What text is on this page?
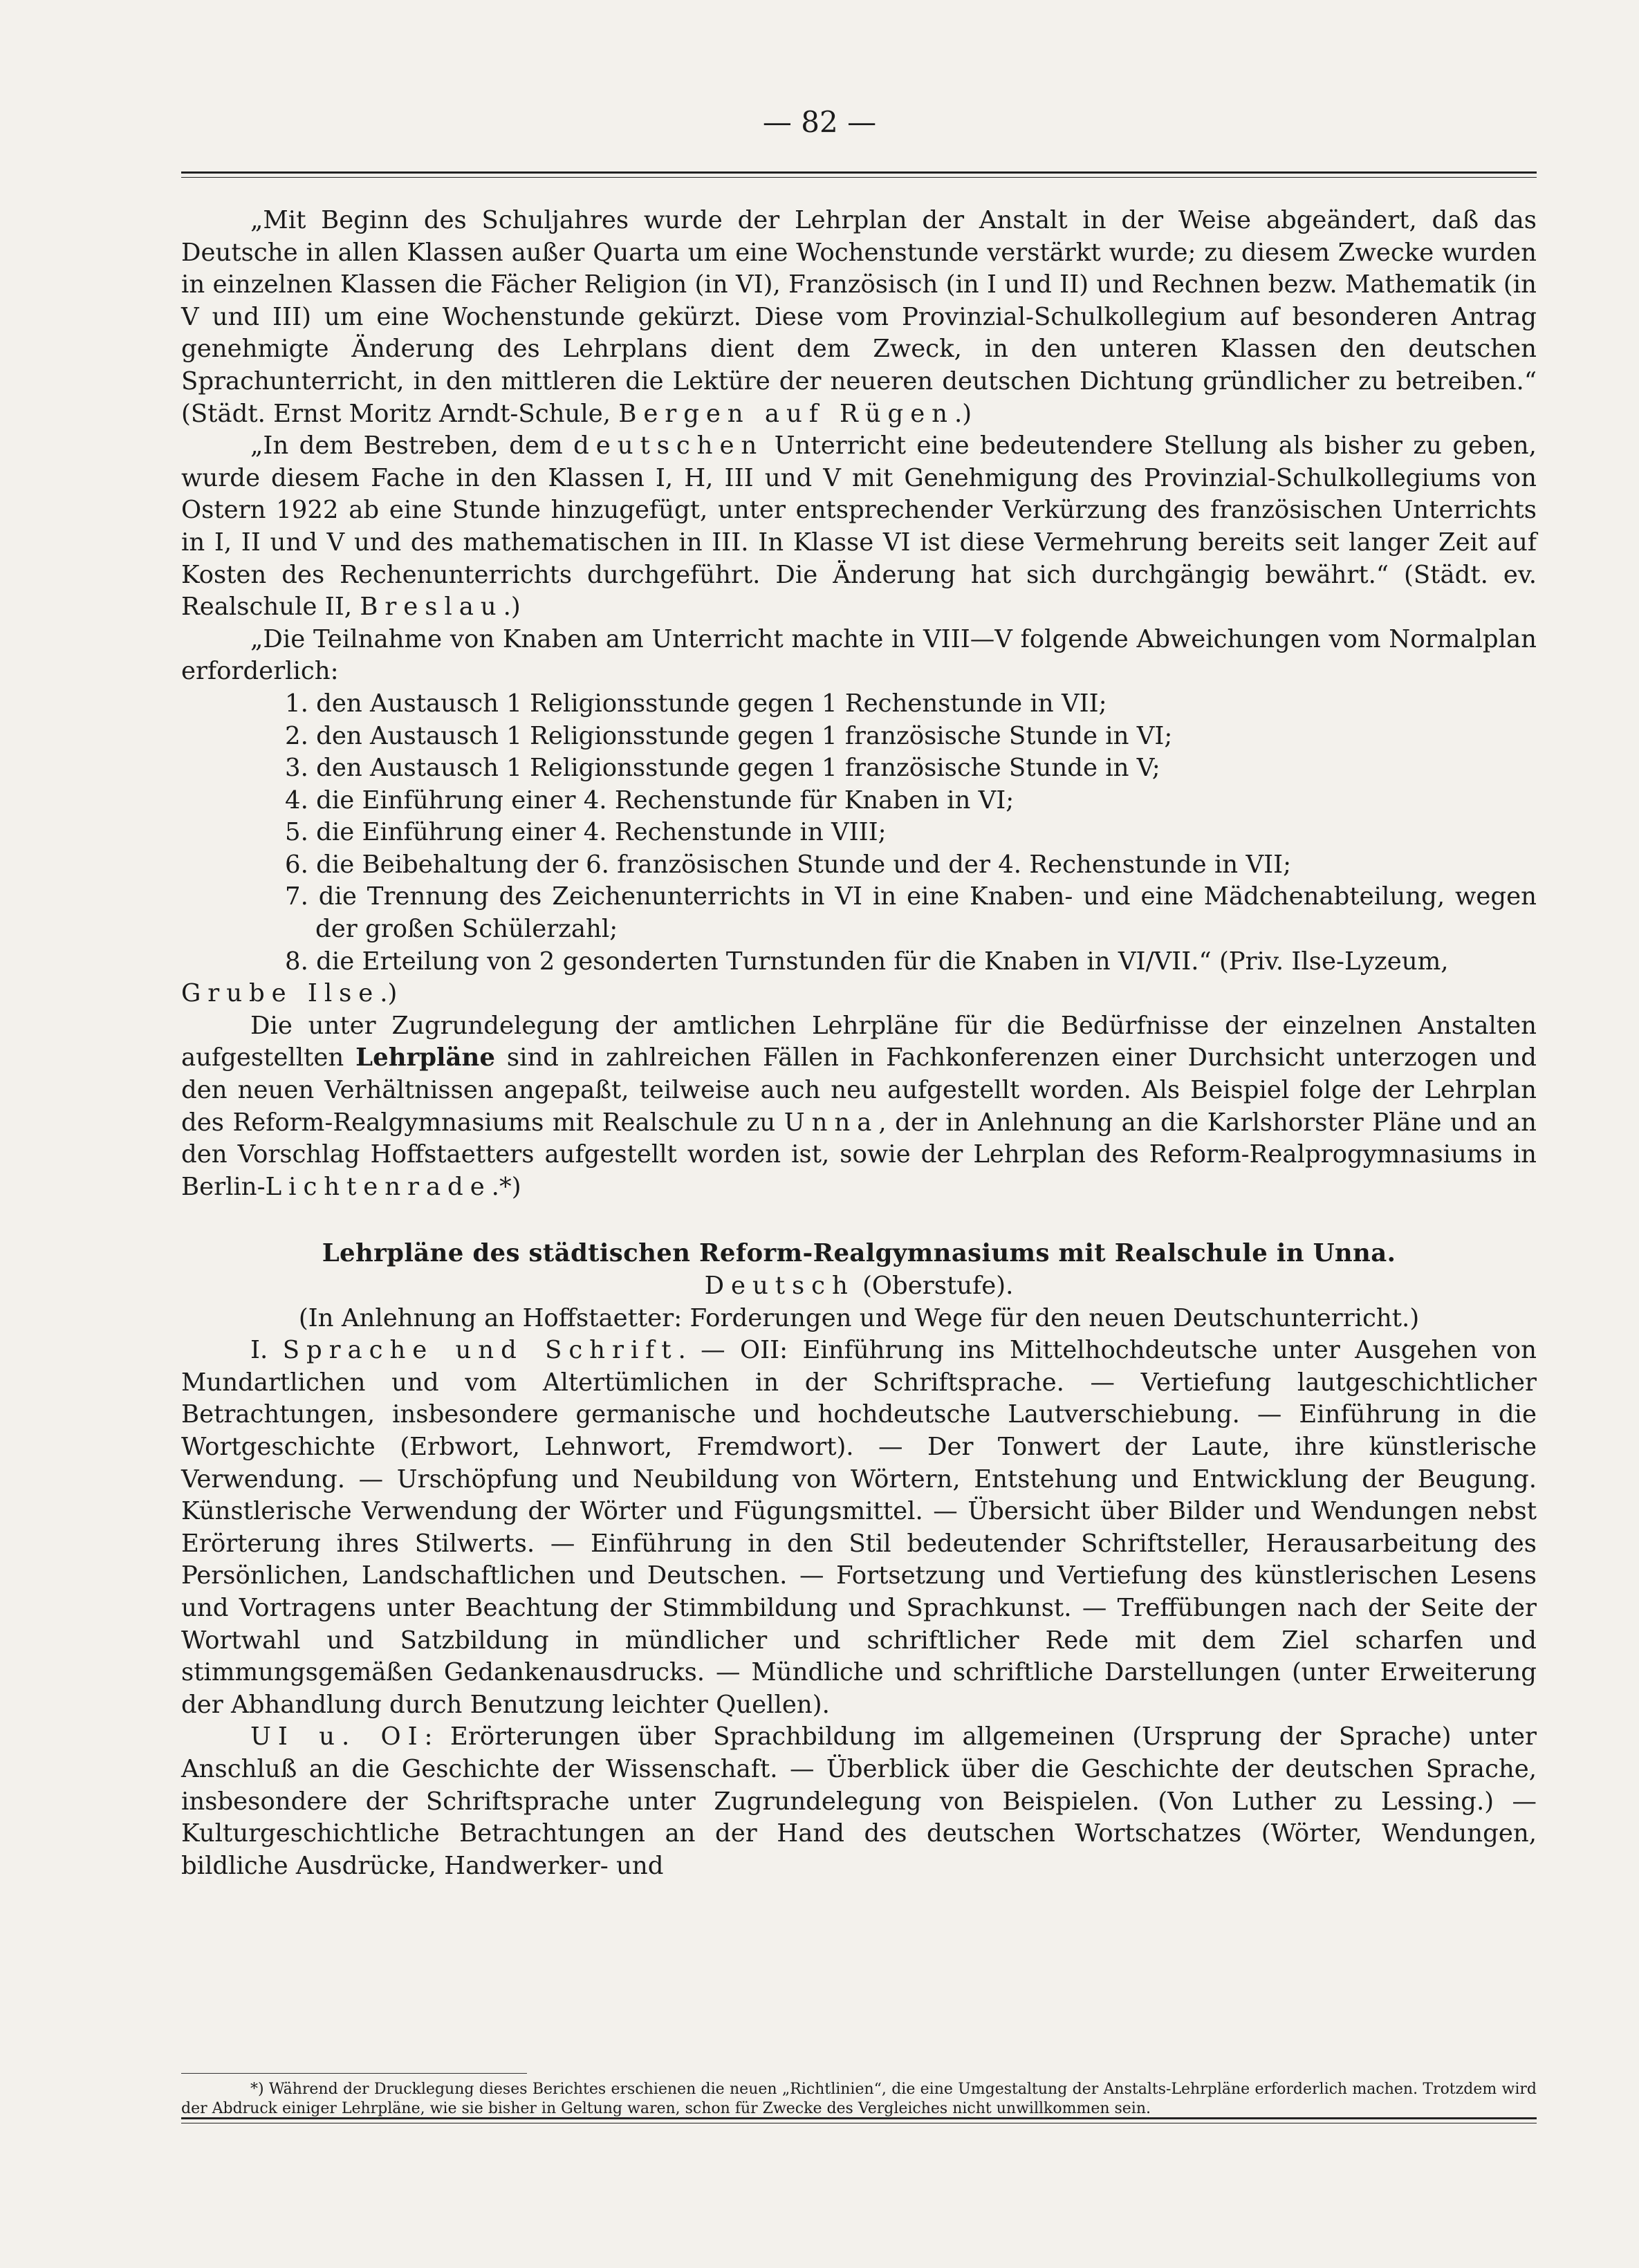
— 82 —

„Mit Beginn des Schuljahres wurde der Lehrplan der Anstalt in der Weise abgeändert, daß das Deutsche in allen Klassen außer Quarta um eine Wochenstunde verstärkt wurde; zu diesem Zwecke wurden in einzelnen Klassen die Fächer Religion (in VI), Französisch (in I und II) und Rechnen bezw. Mathematik (in V und III) um eine Wochenstunde gekürzt. Diese vom Provinzial-Schulkollegium auf besonderen Antrag genehmigte Änderung des Lehrplans dient dem Zweck, in den unteren Klassen den deutschen Sprachunterricht, in den mittleren die Lektüre der neueren deutschen Dichtung gründlicher zu betreiben.“ (Städt. Ernst Moritz Arndt-Schule, Bergen auf Rügen.)

„In dem Bestreben, dem deutschen Unterricht eine bedeutendere Stellung als bisher zu geben, wurde diesem Fache in den Klassen I, H, III und V mit Genehmigung des Provinzial-Schulkollegiums von Ostern 1922 ab eine Stunde hinzugefügt, unter entsprechender Verkürzung des französischen Unterrichts in I, II und V und des mathematischen in III. In Klasse VI ist diese Vermehrung bereits seit langer Zeit auf Kosten des Rechenunterrichts durchgeführt. Die Änderung hat sich durchgängig bewährt.“ (Städt. ev. Realschule II, Breslau.)

„Die Teilnahme von Knaben am Unterricht machte in VIII—V folgende Abweichungen vom Normalplan erforderlich:

1. den Austausch 1 Religionsstunde gegen 1 Rechenstunde in VII;
2. den Austausch 1 Religionsstunde gegen 1 französische Stunde in VI;
3. den Austausch 1 Religionsstunde gegen 1 französische Stunde in V;
4. die Einführung einer 4. Rechenstunde für Knaben in VI;
5. die Einführung einer 4. Rechenstunde in VIII;
6. die Beibehaltung der 6. französischen Stunde und der 4. Rechenstunde in VII;
7. die Trennung des Zeichenunterrichts in VI in eine Knaben- und eine Mädchenabteilung, wegen der großen Schülerzahl;
8. die Erteilung von 2 gesonderten Turnstunden für die Knaben in VI/VII.“ (Priv. Ilse-Lyzeum,

Grube Ilse.)

Die unter Zugrundelegung der amtlichen Lehrpläne für die Bedürfnisse der einzelnen Anstalten aufgestellten Lehrpläne sind in zahlreichen Fällen in Fachkonferenzen einer Durchsicht unterzogen und den neuen Verhältnissen angepaßt, teilweise auch neu aufgestellt worden. Als Beispiel folge der Lehrplan des Reform-Realgymnasiums mit Realschule zu Unna, der in Anlehnung an die Karlshorster Pläne und an den Vorschlag Hoffstaetters aufgestellt worden ist, sowie der Lehrplan des Reform-Realprogymnasiums in Berlin-Lichtenrade.*)

Lehrpläne des städtischen Reform-Realgymnasiums mit Realschule in Unna.

Deutsch (Oberstufe).

(In Anlehnung an Hoffstaetter: Forderungen und Wege für den neuen Deutschunterricht.)

I. Sprache und Schrift. — OII: Einführung ins Mittelhochdeutsche unter Ausgehen von Mundartlichen und vom Altertümlichen in der Schriftsprache. — Vertiefung lautgeschichtlicher Betrachtungen, insbesondere germanische und hochdeutsche Lautverschiebung. — Einführung in die Wortgeschichte (Erbwort, Lehnwort, Fremdwort). — Der Tonwert der Laute, ihre künstlerische Verwendung. — Urschöpfung und Neubildung von Wörtern, Entstehung und Entwicklung der Beugung. Künstlerische Verwendung der Wörter und Fügungsmittel. — Übersicht über Bilder und Wendungen nebst Erörterung ihres Stilwerts. — Einführung in den Stil bedeutender Schriftsteller, Herausarbeitung des Persönlichen, Landschaftlichen und Deutschen. — Fortsetzung und Vertiefung des künstlerischen Lesens und Vortragens unter Beachtung der Stimmbildung und Sprachkunst. — Treffübungen nach der Seite der Wortwahl und Satzbildung in mündlicher und schriftlicher Rede mit dem Ziel scharfen und stimmungsgemäßen Gedankenausdrucks. — Mündliche und schriftliche Darstellungen (unter Erweiterung der Abhandlung durch Benutzung leichter Quellen).

UI u. OI: Erörterungen über Sprachbildung im allgemeinen (Ursprung der Sprache) unter Anschluß an die Geschichte der Wissenschaft. — Überblick über die Geschichte der deutschen Sprache, insbesondere der Schriftsprache unter Zugrundelegung von Beispielen. (Von Luther zu Lessing.) — Kulturgeschichtliche Betrachtungen an der Hand des deutschen Wortschatzes (Wörter, Wendungen, bildliche Ausdrücke, Handwerker- und

*) Während der Drucklegung dieses Berichtes erschienen die neuen „Richtlinien“, die eine Umgestaltung der Anstalts-Lehrpläne erforderlich machen. Trotzdem wird der Abdruck einiger Lehrpläne, wie sie bisher in Geltung waren, schon für Zwecke des Vergleiches nicht unwillkommen sein.
